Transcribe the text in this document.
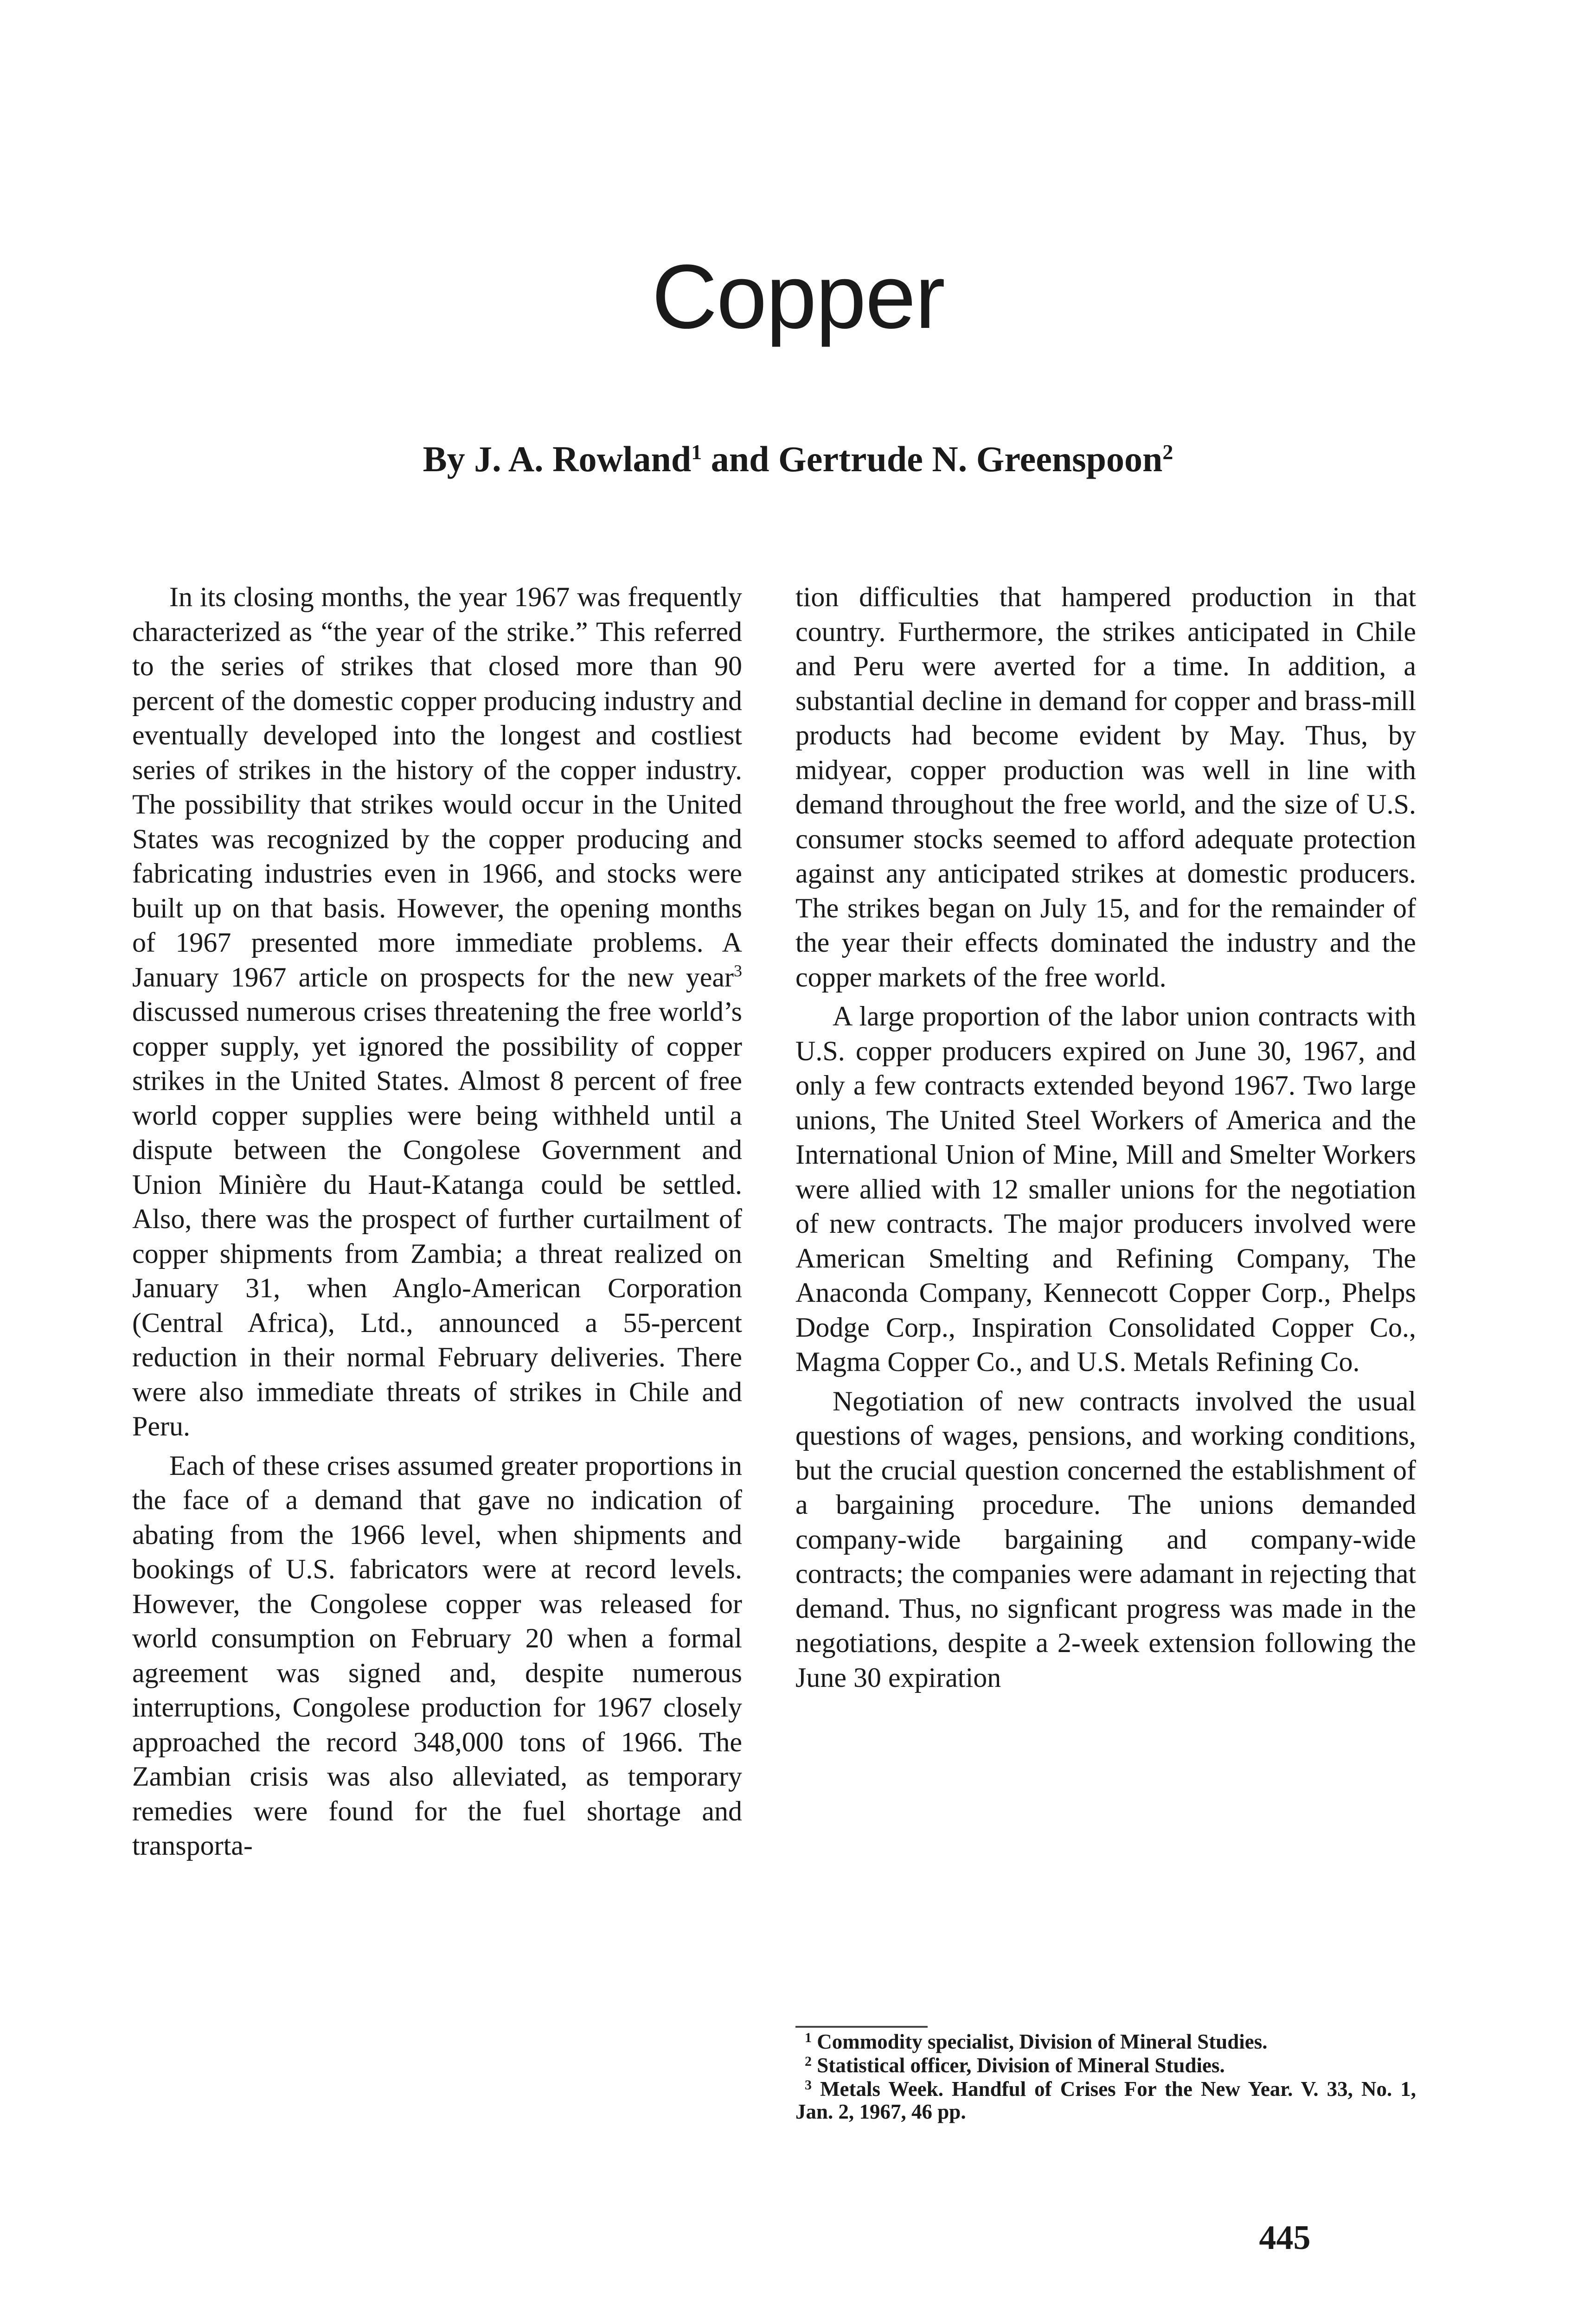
Copper
By J. A. Rowland$^1$ and Gertrude N. Greenspoon$^2$

In its closing months, the year 1967 was frequently characterized as “the year of the strike.” This referred to the series of strikes that closed more than 90 percent of the domestic copper producing industry and eventually developed into the longest and costliest series of strikes in the history of the copper industry. The possibility that strikes would occur in the United States was recognized by the copper producing and fabricating industries even in 1966, and stocks were built up on that basis. However, the opening months of 1967 presented more immediate problems. A January 1967 article on prospects for the new year$^3$ discussed numerous crises threatening the free world’s copper supply, yet ignored the possibility of copper strikes in the United States. Almost 8 percent of free world copper supplies were being withheld until a dispute between the Congolese Government and Union Minière du Haut-Katanga could be settled. Also, there was the prospect of further curtailment of copper shipments from Zambia; a threat realized on January 31, when Anglo-American Corporation (Central Africa), Ltd., announced a 55-percent reduction in their normal February deliveries. There were also immediate threats of strikes in Chile and Peru.

Each of these crises assumed greater proportions in the face of a demand that gave no indication of abating from the 1966 level, when shipments and bookings of U.S. fabricators were at record levels. However, the Congolese copper was released for world consumption on February 20 when a formal agreement was signed and, despite numerous interruptions, Congolese production for 1967 closely approached the record 348,000 tons of 1966. The Zambian crisis was also alleviated, as temporary remedies were found for the fuel shortage and transporta-

tion difficulties that hampered production in that country. Furthermore, the strikes anticipated in Chile and Peru were averted for a time. In addition, a substantial decline in demand for copper and brass-mill products had become evident by May. Thus, by midyear, copper production was well in line with demand throughout the free world, and the size of U.S. consumer stocks seemed to afford adequate protection against any anticipated strikes at domestic producers. The strikes began on July 15, and for the remainder of the year their effects dominated the industry and the copper markets of the free world.

A large proportion of the labor union contracts with U.S. copper producers expired on June 30, 1967, and only a few contracts extended beyond 1967. Two large unions, The United Steel Workers of America and the International Union of Mine, Mill and Smelter Workers were allied with 12 smaller unions for the negotiation of new contracts. The major producers involved were American Smelting and Refining Company, The Anaconda Company, Kennecott Copper Corp., Phelps Dodge Corp., Inspiration Consolidated Copper Co., Magma Copper Co., and U.S. Metals Refining Co.

Negotiation of new contracts involved the usual questions of wages, pensions, and working conditions, but the crucial question concerned the establishment of a bargaining procedure. The unions demanded company-wide bargaining and company-wide contracts; the companies were adamant in rejecting that demand. Thus, no signficant progress was made in the negotiations, despite a 2-week extension following the June 30 expiration

$^1$ Commodity specialist, Division of Mineral Studies.

$^2$ Statistical officer, Division of Mineral Studies.

$^3$ Metals Week. Handful of Crises For the New Year. V. 33, No. 1, Jan. 2, 1967, 46 pp.

445
